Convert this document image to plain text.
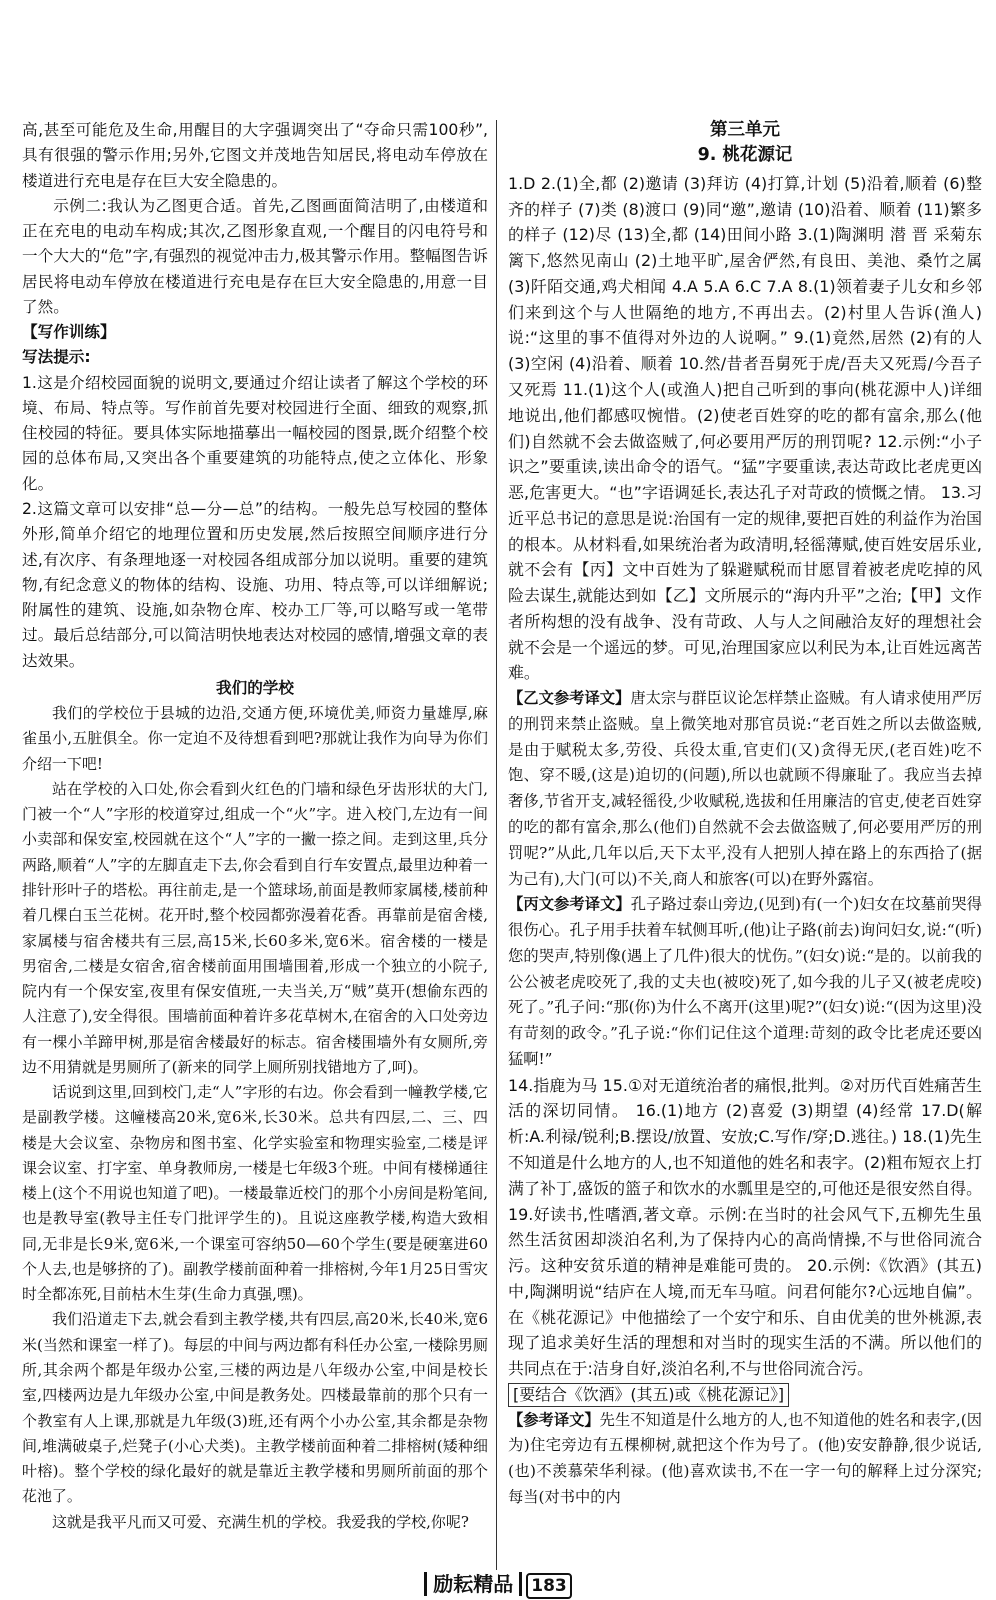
高,甚至可能危及生命,用醒目的大字强调突出了“夺命只需100秒”,具有很强的警示作用;另外,它图文并茂地告知居民,将电动车停放在楼道进行充电是存在巨大安全隐患的。

示例二:我认为乙图更合适。首先,乙图画面简洁明了,由楼道和正在充电的电动车构成;其次,乙图形象直观,一个醒目的闪电符号和一个大大的“危”字,有强烈的视觉冲击力,极其警示作用。整幅图告诉居民将电动车停放在楼道进行充电是存在巨大安全隐患的,用意一目了然。

【写作训练】

写法提示:

1.这是介绍校园面貌的说明文,要通过介绍让读者了解这个学校的环境、布局、特点等。写作前首先要对校园进行全面、细致的观察,抓住校园的特征。要具体实际地描摹出一幅校园的图景,既介绍整个校园的总体布局,又突出各个重要建筑的功能特点,使之立体化、形象化。

2.这篇文章可以安排“总—分—总”的结构。一般先总写校园的整体外形,简单介绍它的地理位置和历史发展,然后按照空间顺序进行分述,有次序、有条理地逐一对校园各组成部分加以说明。重要的建筑物,有纪念意义的物体的结构、设施、功用、特点等,可以详细解说;附属性的建筑、设施,如杂物仓库、校办工厂等,可以略写或一笔带过。最后总结部分,可以简洁明快地表达对校园的感情,增强文章的表达效果。

我们的学校

我们的学校位于县城的边沿,交通方便,环境优美,师资力量雄厚,麻雀虽小,五脏俱全。你一定迫不及待想看到吧?那就让我作为向导为你们介绍一下吧!

站在学校的入口处,你会看到火红色的门墙和绿色牙齿形状的大门,门被一个“人”字形的校道穿过,组成一个“火”字。进入校门,左边有一间小卖部和保安室,校园就在这个“人”字的一撇一捺之间。走到这里,兵分两路,顺着“人”字的左脚直走下去,你会看到自行车安置点,最里边种着一排针形叶子的塔松。再往前走,是一个篮球场,前面是教师家属楼,楼前种着几棵白玉兰花树。花开时,整个校园都弥漫着花香。再靠前是宿舍楼,家属楼与宿舍楼共有三层,高15米,长60多米,宽6米。宿舍楼的一楼是男宿舍,二楼是女宿舍,宿舍楼前面用围墙围着,形成一个独立的小院子,院内有一个保安室,夜里有保安值班,一夫当关,万“贼”莫开(想偷东西的人注意了),安全得很。围墙前面种着许多花草树木,在宿舍的入口处旁边有一棵小羊蹄甲树,那是宿舍楼最好的标志。宿舍楼围墙外有女厕所,旁边不用猜就是男厕所了(新来的同学上厕所别找错地方了,呵)。

话说到这里,回到校门,走“人”字形的右边。你会看到一幢教学楼,它是副教学楼。这幢楼高20米,宽6米,长30米。总共有四层,二、三、四楼是大会议室、杂物房和图书室、化学实验室和物理实验室,二楼是评课会议室、打字室、单身教师房,一楼是七年级3个班。中间有楼梯通往楼上(这个不用说也知道了吧)。一楼最靠近校门的那个小房间是粉笔间,也是教导室(教导主任专门批评学生的)。且说这座教学楼,构造大致相同,无非是长9米,宽6米,一个课室可容纳50—60个学生(要是硬塞进60个人去,也是够挤的了)。副教学楼前面种着一排榕树,今年1月25日雪灾时全都冻死,目前枯木生芽(生命力真强,嘿)。

我们沿道走下去,就会看到主教学楼,共有四层,高20米,长40米,宽6米(当然和课室一样了)。每层的中间与两边都有科任办公室,一楼除男厕所,其余两个都是年级办公室,三楼的两边是八年级办公室,中间是校长室,四楼两边是九年级办公室,中间是教务处。四楼最靠前的那个只有一个教室有人上课,那就是九年级(3)班,还有两个小办公室,其余都是杂物间,堆满破桌子,烂凳子(小心犬类)。主教学楼前面种着二排榕树(矮种细叶榕)。整个学校的绿化最好的就是靠近主教学楼和男厕所前面的那个花池了。

这就是我平凡而又可爱、充满生机的学校。我爱我的学校,你呢?

第三单元

9. 桃花源记

1.D 2.(1)全,都 (2)邀请 (3)拜访 (4)打算,计划 (5)沿着,顺着 (6)整齐的样子 (7)类 (8)渡口 (9)同“邀”,邀请 (10)沿着、顺着 (11)繁多的样子 (12)尽 (13)全,都 (14)田间小路 3.(1)陶渊明 潜 晋 采菊东篱下,悠然见南山 (2)土地平旷,屋舍俨然,有良田、美池、桑竹之属 (3)阡陌交通,鸡犬相闻 4.A 5.A 6.C 7.A 8.(1)领着妻子儿女和乡邻们来到这个与人世隔绝的地方,不再出去。(2)村里人告诉(渔人)说:“这里的事不值得对外边的人说啊。” 9.(1)竟然,居然 (2)有的人 (3)空闲 (4)沿着、顺着 10.然/昔者吾舅死于虎/吾夫又死焉/今吾子又死焉 11.(1)这个人(或渔人)把自己听到的事向(桃花源中人)详细地说出,他们都感叹惋惜。(2)使老百姓穿的吃的都有富余,那么(他们)自然就不会去做盗贼了,何必要用严厉的刑罚呢? 12.示例:“小子识之”要重读,读出命令的语气。“猛”字要重读,表达苛政比老虎更凶恶,危害更大。“也”字语调延长,表达孔子对苛政的愤慨之情。 13.习近平总书记的意思是说:治国有一定的规律,要把百姓的利益作为治国的根本。从材料看,如果统治者为政清明,轻徭薄赋,使百姓安居乐业,就不会有【丙】文中百姓为了躲避赋税而甘愿冒着被老虎吃掉的风险去谋生,就能达到如【乙】文所展示的“海内升平”之治;【甲】文作者所构想的没有战争、没有苛政、人与人之间融洽友好的理想社会就不会是一个遥远的梦。可见,治理国家应以利民为本,让百姓远离苦难。

【乙文参考译文】唐太宗与群臣议论怎样禁止盗贼。有人请求使用严厉的刑罚来禁止盗贼。皇上微笑地对那官员说:“老百姓之所以去做盗贼,是由于赋税太多,劳役、兵役太重,官吏们(又)贪得无厌,(老百姓)吃不饱、穿不暖,(这是)迫切的(问题),所以也就顾不得廉耻了。我应当去掉奢侈,节省开支,减轻徭役,少收赋税,选拔和任用廉洁的官吏,使老百姓穿的吃的都有富余,那么(他们)自然就不会去做盗贼了,何必要用严厉的刑罚呢?”从此,几年以后,天下太平,没有人把别人掉在路上的东西拾了(据为己有),大门(可以)不关,商人和旅客(可以)在野外露宿。

【丙文参考译文】孔子路过泰山旁边,(见到)有(一个)妇女在坟墓前哭得很伤心。孔子用手扶着车轼侧耳听,(他)让子路(前去)询问妇女,说:“(听)您的哭声,特别像(遇上了几件)很大的忧伤。”(妇女)说:“是的。以前我的公公被老虎咬死了,我的丈夫也(被咬)死了,如今我的儿子又(被老虎咬)死了。”孔子问:“那(你)为什么不离开(这里)呢?”(妇女)说:“(因为这里)没有苛刻的政令。”孔子说:“你们记住这个道理:苛刻的政令比老虎还要凶猛啊!”

14.指鹿为马 15.①对无道统治者的痛恨,批判。②对历代百姓痛苦生活的深切同情。 16.(1)地方 (2)喜爱 (3)期望 (4)经常 17.D(解析:A.利禄/锐利;B.摆设/放置、安放;C.写作/穿;D.逃往。) 18.(1)先生不知道是什么地方的人,也不知道他的姓名和表字。(2)粗布短衣上打满了补丁,盛饭的篮子和饮水的水瓢里是空的,可他还是很安然自得。 19.好读书,性嗜酒,著文章。示例:在当时的社会风气下,五柳先生虽然生活贫困却淡泊名利,为了保持内心的高尚情操,不与世俗同流合污。这种安贫乐道的精神是难能可贵的。 20.示例:《饮酒》(其五)中,陶渊明说“结庐在人境,而无车马喧。问君何能尔?心远地自偏”。在《桃花源记》中他描绘了一个安宁和乐、自由优美的世外桃源,表现了追求美好生活的理想和对当时的现实生活的不满。所以他们的共同点在于:洁身自好,淡泊名利,不与世俗同流合污。

[要结合《饮酒》(其五)或《桃花源记》]

【参考译文】先生不知道是什么地方的人,也不知道他的姓名和表字,(因为)住宅旁边有五棵柳树,就把这个作为号了。(他)安安静静,很少说话,(也)不羡慕荣华利禄。(他)喜欢读书,不在一字一句的解释上过分深究;每当(对书中的内

励耘精品 183
